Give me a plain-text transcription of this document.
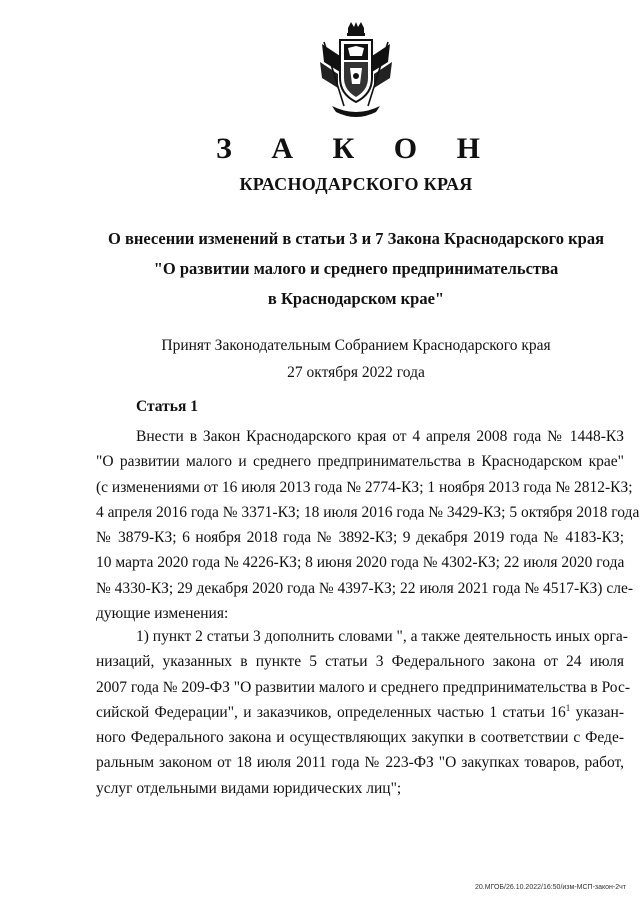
З А К О Н
КРАСНОДАРСКОГО КРАЯ
О внесении изменений в статьи 3 и 7 Закона Краснодарского края
"О развитии малого и среднего предпринимательства
в Краснодарском крае"
Принят Законодательным Собранием Краснодарского края
27 октября 2022 года
Статья 1
Внести в Закон Краснодарского края от 4 апреля 2008 года № 1448-КЗ
"О развитии малого и среднего предпринимательства в Краснодарском крае"
(с изменениями от 16 июля 2013 года № 2774-КЗ; 1 ноября 2013 года № 2812-КЗ;
4 апреля 2016 года № 3371-КЗ; 18 июля 2016 года № 3429-КЗ; 5 октября 2018 года
№ 3879-КЗ; 6 ноября 2018 года № 3892-КЗ; 9 декабря 2019 года № 4183-КЗ;
10 марта 2020 года № 4226-КЗ; 8 июня 2020 года № 4302-КЗ; 22 июля 2020 года
№ 4330-КЗ; 29 декабря 2020 года № 4397-КЗ; 22 июля 2021 года № 4517-КЗ) сле-
дующие изменения:
1) пункт 2 статьи 3 дополнить словами ", а также деятельность иных орга-
низаций, указанных в пункте 5 статьи 3 Федерального закона от 24 июля
2007 года № 209-ФЗ "О развитии малого и среднего предпринимательства в Рос-
сийской Федерации", и заказчиков, определенных частью 1 статьи $16^1$ указан-
ного Федерального закона и осуществляющих закупки в соответствии с Феде-
ральным законом от 18 июля 2011 года № 223-ФЗ "О закупках товаров, работ,
услуг отдельными видами юридических лиц";
20.МГОБ/26.10.2022/16:50/изм-МСП-закон-2чт
